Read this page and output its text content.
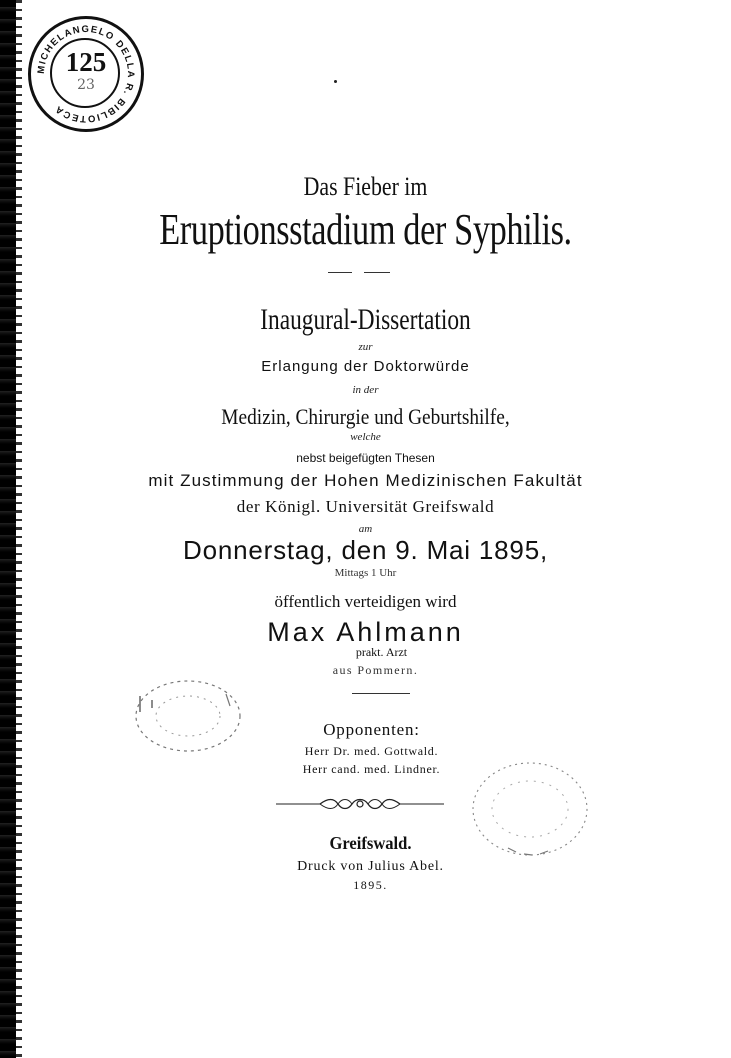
MICHELANGELO DELLA R. BIBLIOTECA
125
23
Das Fieber im
Eruptionsstadium der Syphilis.
Inaugural-Dissertation
zur
Erlangung der Doktorwürde
in der
Medizin, Chirurgie und Geburtshilfe,
welche
nebst beigefügten Thesen
mit Zustimmung der Hohen Medizinischen Fakultät
der Königl. Universität Greifswald
am
Donnerstag, den 9. Mai 1895,
Mittags 1 Uhr
öffentlich verteidigen wird
Max Ahlmann
prakt. Arzt
aus Pommern.
Opponenten:
Herr Dr. med. Gottwald.
Herr cand. med. Lindner.
Greifswald.
Druck von Julius Abel.
1895.
